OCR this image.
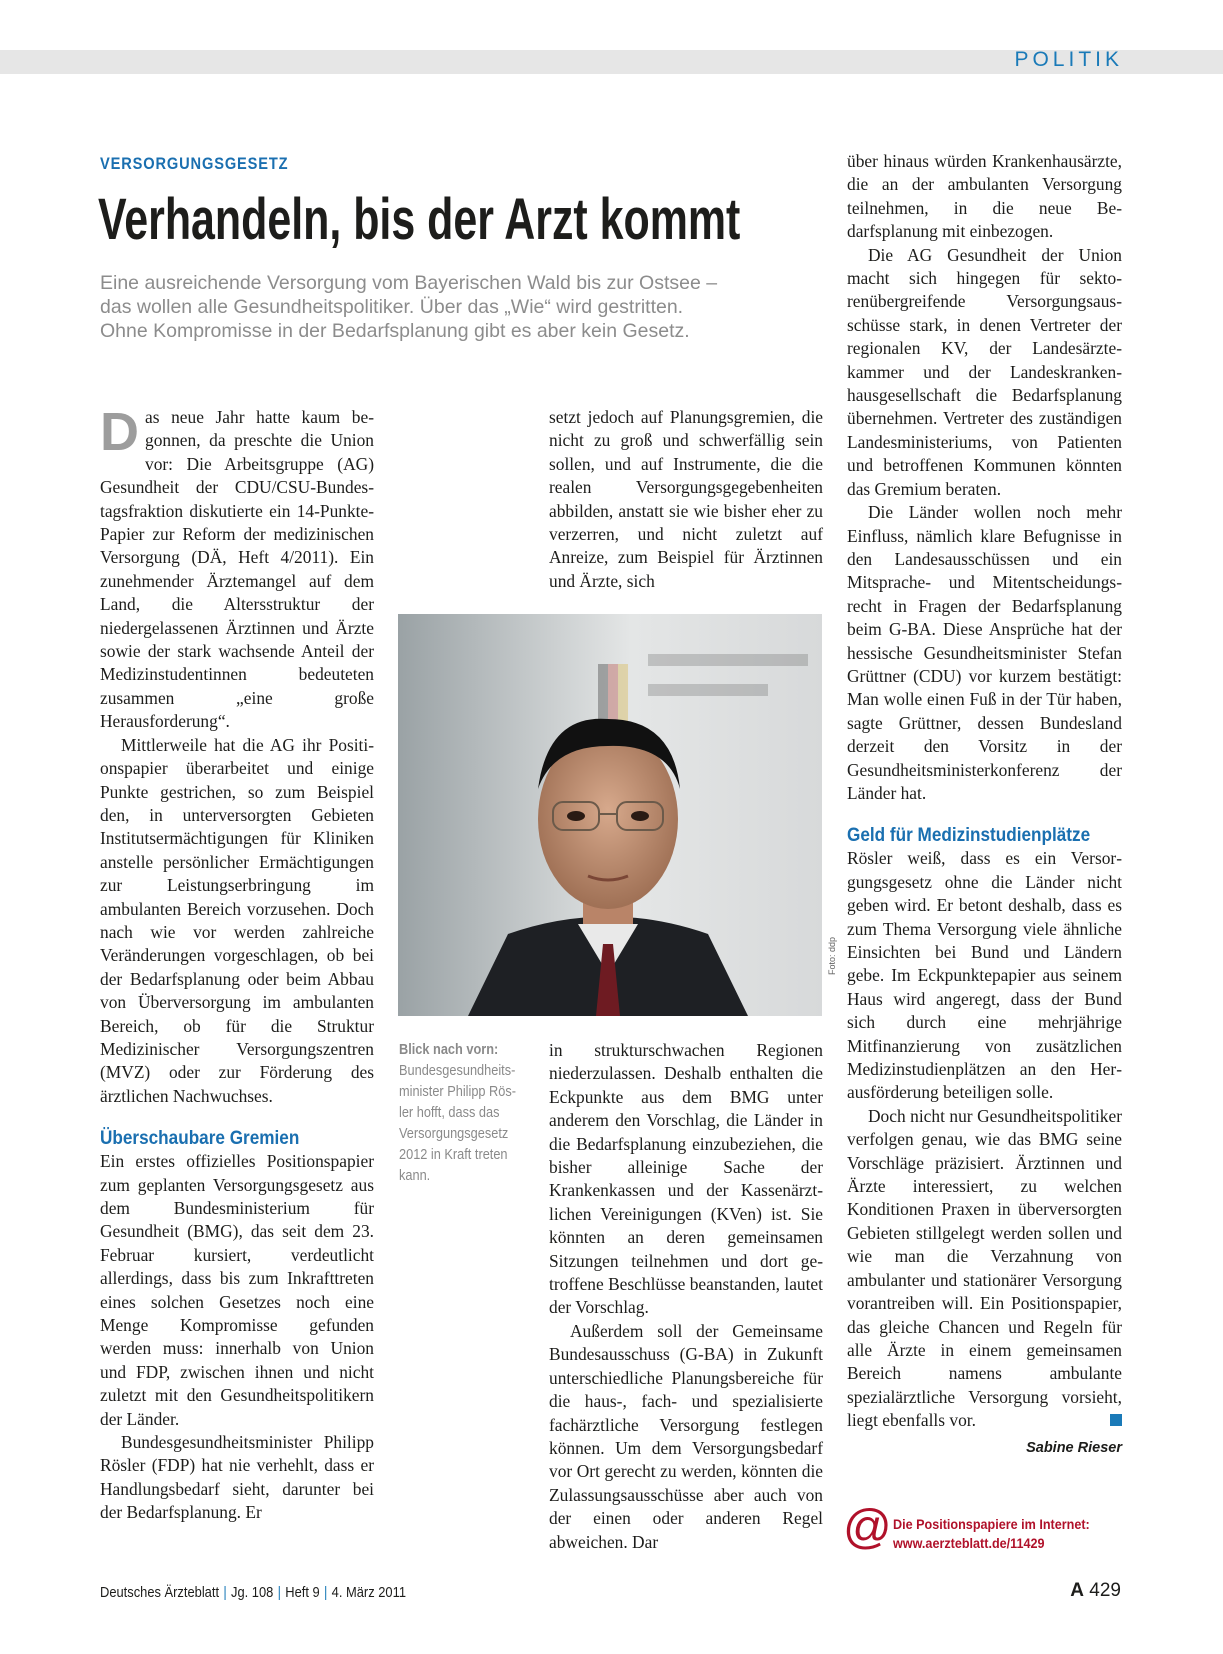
POLITIK
VERSORGUNGSGESETZ
Verhandeln, bis der Arzt kommt
Eine ausreichende Versorgung vom Bayerischen Wald bis zur Ostsee –
das wollen alle Gesundheitspolitiker. Über das „Wie“ wird gestritten.
Ohne Kompromisse in der Bedarfsplanung gibt es aber kein Gesetz.

Das neue Jahr hatte kaum begonnen, da preschte die Union vor: Die Arbeitsgruppe (AG) Gesundheit der CDU/CSU-Bundestagsfraktion diskutierte ein 14-Punkte-Papier zur Reform der medizinischen Versorgung (DÄ, Heft 4/2011). Ein zunehmender Ärztemangel auf dem Land, die Altersstruktur der niedergelassenen Ärztinnen und Ärzte sowie der stark wachsende Anteil der Medizinstudentinnen bedeuteten zusammen „eine große Herausforderung“.

Mittlerweile hat die AG ihr Positionspapier überarbeitet und einige Punkte gestrichen, so zum Beispiel den, in unterversorgten Gebieten Institutsermächtigungen für Kliniken anstelle persönlicher Ermächtigungen zur Leistungserbringung im ambulanten Bereich vorzusehen. Doch nach wie vor werden zahlreiche Veränderungen vorgeschlagen, ob bei der Bedarfsplanung oder beim Abbau von Überversorgung im ambulanten Bereich, ob für die Struktur Medizinischer Versorgungszentren (MVZ) oder zur Förderung des ärztlichen Nachwuchses.

Überschaubare Gremien

Ein erstes offizielles Positionspapier zum geplanten Versorgungsgesetz aus dem Bundesministerium für Gesundheit (BMG), das seit dem 23. Februar kursiert, verdeutlicht allerdings, dass bis zum Inkrafttreten eines solchen Gesetzes noch eine Menge Kompromisse gefunden werden muss: innerhalb von Union und FDP, zwischen ihnen und nicht zuletzt mit den Gesundheitspolitikern der Länder.

Bundesgesundheitsminister Philipp Rösler (FDP) hat nie verhehlt, dass er Handlungsbedarf sieht, darunter bei der Bedarfsplanung. Er

setzt jedoch auf Planungsgremien, die nicht zu groß und schwerfällig sein sollen, und auf Instrumente, die die realen Versorgungsgegebenheiten abbilden, anstatt sie wie bisher eher zu verzerren, und nicht zuletzt auf Anreize, zum Beispiel für Ärztinnen und Ärzte, sich

Foto: ddp
Blick nach vorn:
Bundesgesundheits-
minister Philipp Rös-
ler hofft, dass das
Versorgungsgesetz
2012 in Kraft treten
kann.

in strukturschwachen Regionen niederzulassen. Deshalb enthalten die Eckpunkte aus dem BMG unter anderem den Vorschlag, die Länder in die Bedarfsplanung einzubeziehen, die bisher alleinige Sache der Krankenkassen und der Kassenärztlichen Vereinigungen (KVen) ist. Sie könnten an deren gemeinsamen Sitzungen teilnehmen und dort getroffene Beschlüsse beanstanden, lautet der Vorschlag.

Außerdem soll der Gemeinsame Bundesausschuss (G-BA) in Zukunft unterschiedliche Planungsbereiche für die haus-, fach- und spezialisierte fachärztliche Versorgung festlegen können. Um dem Versorgungsbedarf vor Ort gerecht zu werden, könnten die Zulassungsausschüsse aber auch von der einen oder anderen Regel abweichen. Dar

über hinaus würden Krankenhausärzte, die an der ambulanten Versorgung teilnehmen, in die neue Bedarfsplanung mit einbezogen.

Die AG Gesundheit der Union macht sich hingegen für sektorenübergreifende Versorgungsausschüsse stark, in denen Vertreter der regionalen KV, der Landesärztekammer und der Landeskrankenhausgesellschaft die Bedarfsplanung übernehmen. Vertreter des zuständigen Landesministeriums, von Patienten und betroffenen Kommunen könnten das Gremium beraten.

Die Länder wollen noch mehr Einfluss, nämlich klare Befugnisse in den Landesausschüssen und ein Mitsprache- und Mitentscheidungsrecht in Fragen der Bedarfsplanung beim G-BA. Diese Ansprüche hat der hessische Gesundheitsminister Stefan Grüttner (CDU) vor kurzem bestätigt: Man wolle einen Fuß in der Tür haben, sagte Grüttner, dessen Bundesland derzeit den Vorsitz in der Gesundheitsministerkonferenz der Länder hat.

Geld für Medizinstudienplätze

Rösler weiß, dass es ein Versorgungsgesetz ohne die Länder nicht geben wird. Er betont deshalb, dass es zum Thema Versorgung viele ähnliche Einsichten bei Bund und Ländern gebe. Im Eckpunktepapier aus seinem Haus wird angeregt, dass der Bund sich durch eine mehrjährige Mitfinanzierung von zusätzlichen Medizinstudienplätzen an den Herausförderung beteiligen solle.

Doch nicht nur Gesundheitspolitiker verfolgen genau, wie das BMG seine Vorschläge präzisiert. Ärztinnen und Ärzte interessiert, zu welchen Konditionen Praxen in überversorgten Gebieten stillgelegt werden sollen und wie man die Verzahnung von ambulanter und stationärer Versorgung vorantreiben will. Ein Positionspapier, das gleiche Chancen und Regeln für alle Ärzte in einem gemeinsamen Bereich namens ambulante spezialärztliche Versorgung vorsieht, liegt ebenfalls vor.

Sabine Rieser
@ Die Positionspapiere im Internet:
www.aerzteblatt.de/11429
Deutsches Ärzteblatt | Jg. 108 | Heft 9 | 4. März 2011	A 429
